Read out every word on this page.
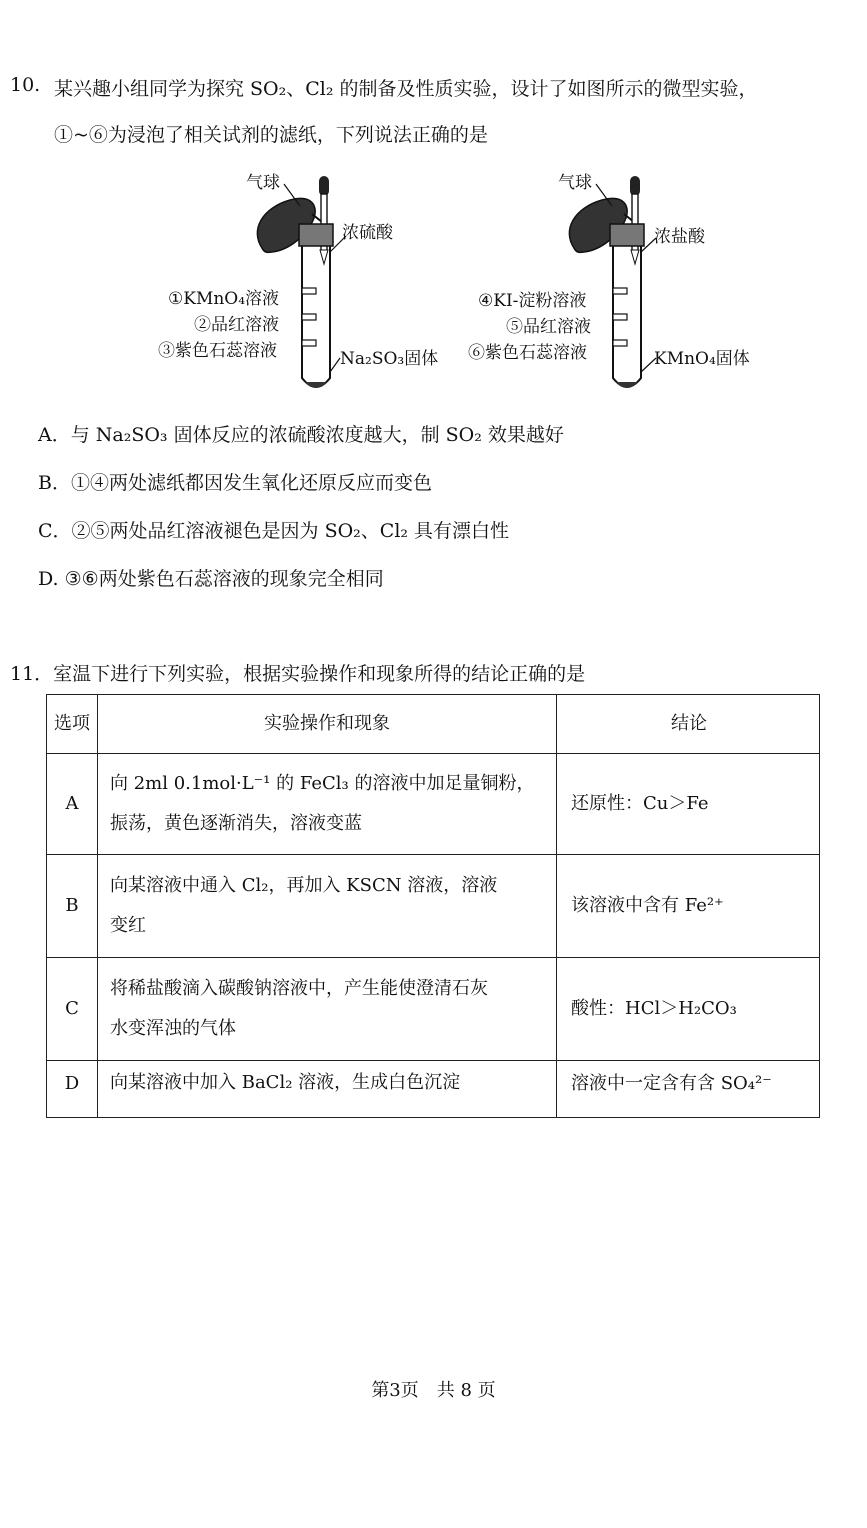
10. 某兴趣小组同学为探究 SO₂、Cl₂ 的制备及性质实验，设计了如图所示的微型实验，
①~⑥为浸泡了相关试剂的滤纸，下列说法正确的是
气球
浓硫酸
①KMnO₄溶液
②品红溶液
③紫色石蕊溶液	Na₂SO₃固体
气球
浓盐酸
④KI-淀粉溶液
⑤品红溶液
⑥紫色石蕊溶液	KMnO₄固体
A．与 Na₂SO₃ 固体反应的浓硫酸浓度越大，制 SO₂ 效果越好
B．①④两处滤纸都因发生氧化还原反应而变色
C．②⑤两处品红溶液褪色是因为 SO₂、Cl₂ 具有漂白性
D. ③⑥两处紫色石蕊溶液的现象完全相同
11．室温下进行下列实验，根据实验操作和现象所得的结论正确的是
选项	实验操作和现象	结论
A	向 2ml 0.1mol·L⁻¹ 的 FeCl₃ 的溶液中加足量铜粉，
振荡，黄色逐渐消失，溶液变蓝	还原性：Cu＞Fe
B	向某溶液中通入 Cl₂，再加入 KSCN 溶液，溶液
变红	该溶液中含有 Fe²⁺
C	将稀盐酸滴入碳酸钠溶液中，产生能使澄清石灰
水变浑浊的气体	酸性：HCl＞H₂CO₃
D	向某溶液中加入 BaCl₂ 溶液，生成白色沉淀	溶液中一定含有含 SO₄²⁻
第3页　共 8 页
